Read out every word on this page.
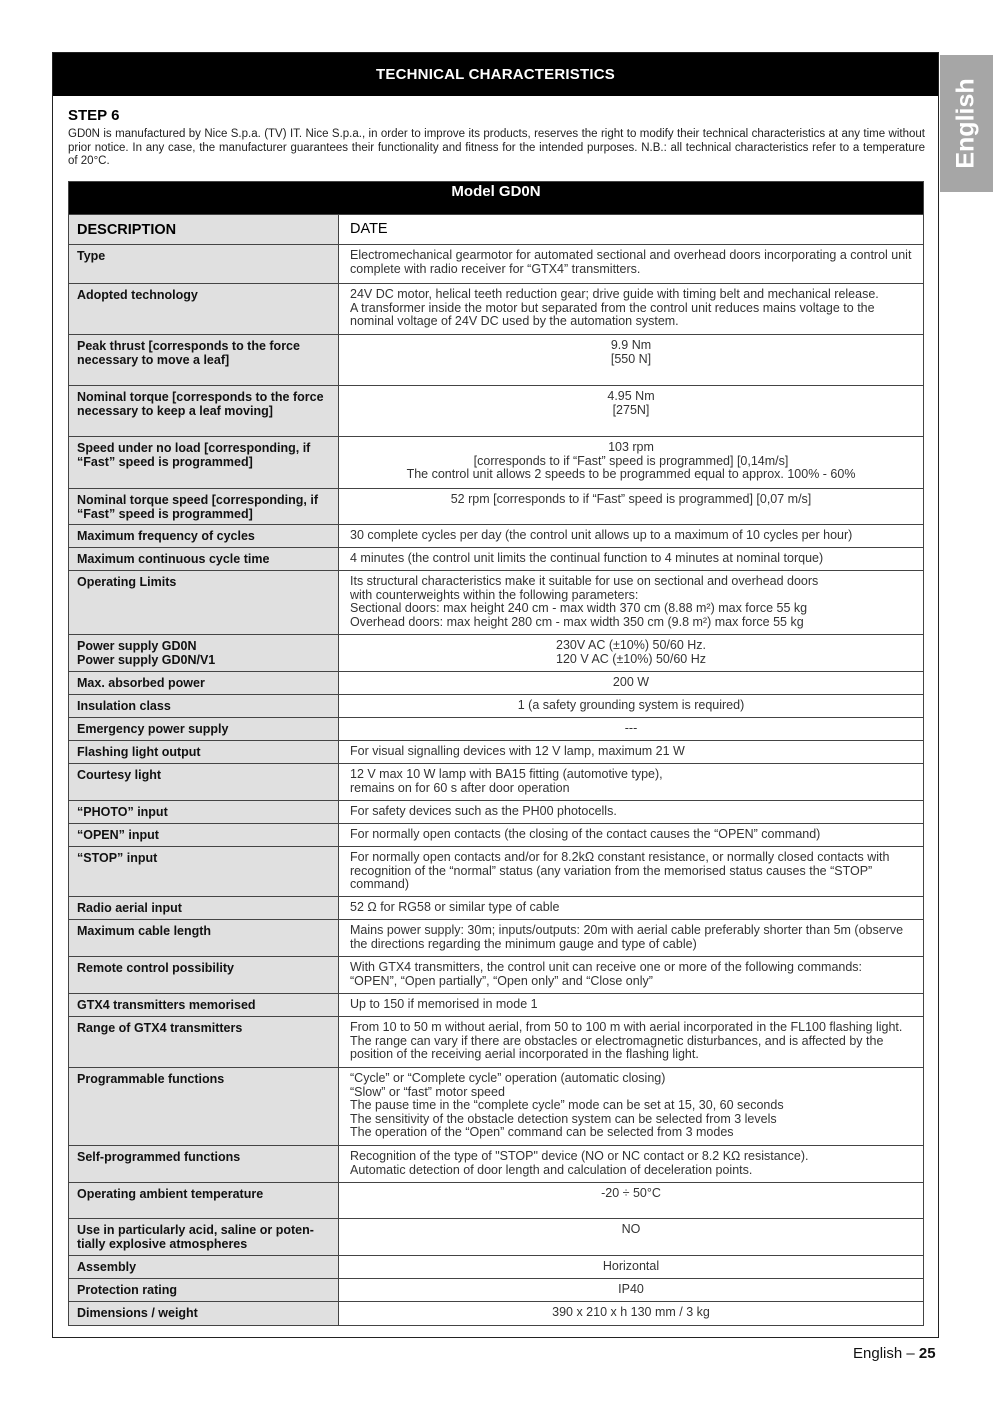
English
TECHNICAL CHARACTERISTICS
STEP 6
GD0N is manufactured by Nice S.p.a. (TV) IT. Nice S.p.a., in order to improve its products, reserves the right to modify their technical characteristics at any time without prior notice. In any case, the manufacturer guarantees their functionality and fitness for the intended purposes. N.B.: all technical characteristics refer to a temperature of 20°C.
Model GD0N	
DESCRIPTION	DATE
Type	Electromechanical gearmotor for automated sectional and overhead doors incorporating a control unit complete with radio receiver for “GTX4” transmitters.
Adopted technology	24V DC motor, helical teeth reduction gear; drive guide with timing belt and mechanical release.
A transformer inside the motor but separated from the control unit reduces mains voltage to the nominal voltage of 24V DC used by the automation system.
Peak thrust [corresponds to the force necessary to move a leaf]	9.9 Nm
[550 N]
Nominal torque [corresponds to the force necessary to keep a leaf moving]	4.95 Nm
[275N]
Speed under no load [corresponding, if “Fast” speed is programmed]	103 rpm
[corresponds to if “Fast” speed is programmed] [0,14m/s]
The control unit allows 2 speeds to be programmed equal to approx. 100% - 60%
Nominal torque speed [corresponding, if “Fast” speed is programmed]	52 rpm [corresponds to if “Fast” speed is programmed] [0,07 m/s]
Maximum frequency of cycles	30 complete cycles per day (the control unit allows up to a maximum of 10 cycles per hour)
Maximum continuous cycle time	4 minutes (the control unit limits the continual function to 4 minutes at nominal torque)
Operating Limits	Its structural characteristics make it suitable for use on sectional and overhead doors
with counterweights within the following parameters:
Sectional doors: max height 240 cm - max width 370 cm (8.88 m²) max force 55 kg
Overhead doors: max height 280 cm - max width 350 cm (9.8 m²) max force 55 kg
Power supply GD0N
Power supply GD0N/V1	230V AC (±10%) 50/60 Hz.
120 V AC (±10%) 50/60 Hz
Max. absorbed power	200 W
Insulation class	1 (a safety grounding system is required)
Emergency power supply	---
Flashing light output	For visual signalling devices with 12 V lamp, maximum 21 W
Courtesy light	12 V max 10 W lamp with BA15 fitting (automotive type),
remains on for 60 s after door operation
“PHOTO” input	For safety devices such as the PH00 photocells.
“OPEN” input	For normally open contacts (the closing of the contact causes the “OPEN” command)
“STOP” input	For normally open contacts and/or for 8.2kΩ constant resistance, or normally closed contacts with recognition of the “normal” status (any variation from the memorised status causes the “STOP” command)
Radio aerial input	52 Ω for RG58 or similar type of cable
Maximum cable length	Mains power supply: 30m; inputs/outputs: 20m with aerial cable preferably shorter than 5m (observe the directions regarding the minimum gauge and type of cable)
Remote control possibility	With GTX4 transmitters, the control unit can receive one or more of the following commands: “OPEN”, “Open partially”, “Open only” and “Close only”
GTX4 transmitters memorised	Up to 150 if memorised in mode 1
Range of GTX4 transmitters	From 10 to 50 m without aerial, from 50 to 100 m with aerial incorporated in the FL100 flashing light. The range can vary if there are obstacles or electromagnetic disturbances, and is affected by the position of the receiving aerial incorporated in the flashing light.
Programmable functions	“Cycle” or “Complete cycle” operation (automatic closing)
“Slow” or “fast” motor speed
The pause time in the “complete cycle” mode can be set at 15, 30, 60 seconds
The sensitivity of the obstacle detection system can be selected from 3 levels
The operation of the “Open” command can be selected from 3 modes
Self-programmed functions	Recognition of the type of "STOP" device (NO or NC contact or 8.2 KΩ resistance).
Automatic detection of door length and calculation of deceleration points.
Operating ambient temperature	-20 ÷ 50°C
Use in particularly acid, saline or poten-
tially explosive atmospheres	NO
Assembly	Horizontal
Protection rating	IP40
Dimensions / weight	390 x 210 x h 130 mm / 3 kg
English – 25
